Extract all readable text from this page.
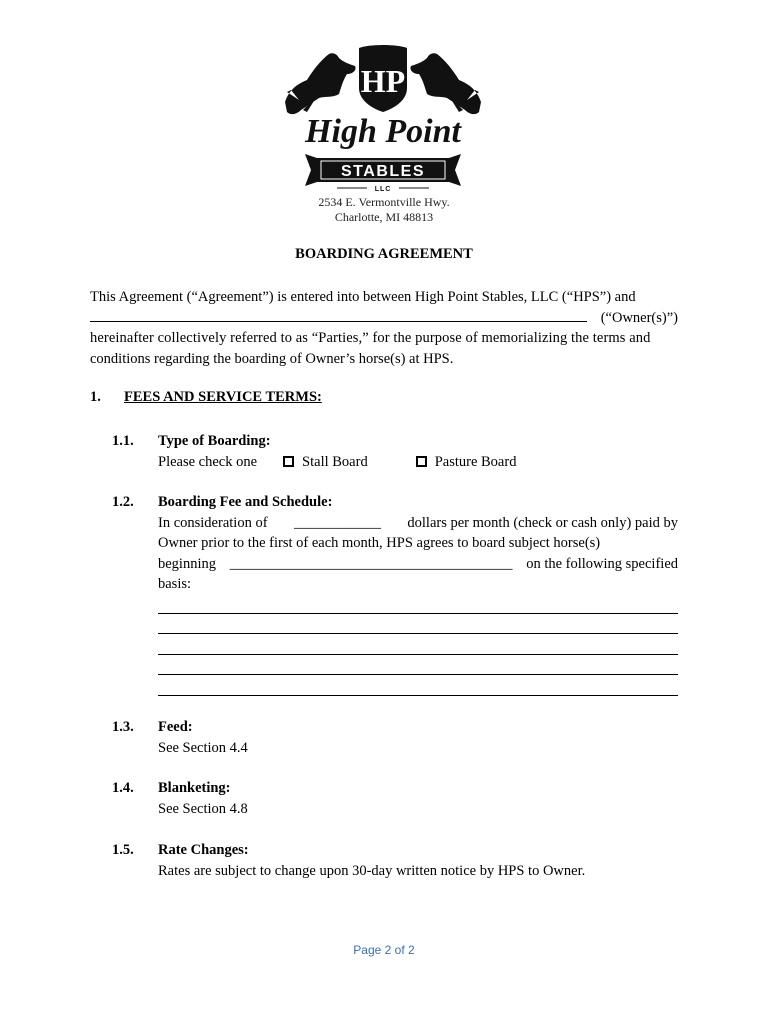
HP
High Point
STABLES
LLC
2534 E. Vermontville Hwy.
Charlotte, MI 48813
BOARDING AGREEMENT
This Agreement (“Agreement”) is entered into between High Point Stables, LLC (“HPS”) and
(“Owner(s)”)
hereinafter collectively referred to as “Parties,” for the purpose of memorializing the terms and
conditions regarding the boarding of Owner’s horse(s) at HPS.
1. FEES AND SERVICE TERMS:
1.1. Type of Boarding:
Please check one	Stall Board	Pasture Board
1.2. Boarding Fee and Schedule:
In consideration of ____________ dollars per month (check or cash only) paid by
Owner prior to the first of each month, HPS agrees to board subject horse(s)
beginning _______________________________________ on the following specified
basis:
1.3. Feed:
See Section 4.4
1.4. Blanketing:
See Section 4.8
1.5. Rate Changes:
Rates are subject to change upon 30-day written notice by HPS to Owner.
Page 2 of 2
